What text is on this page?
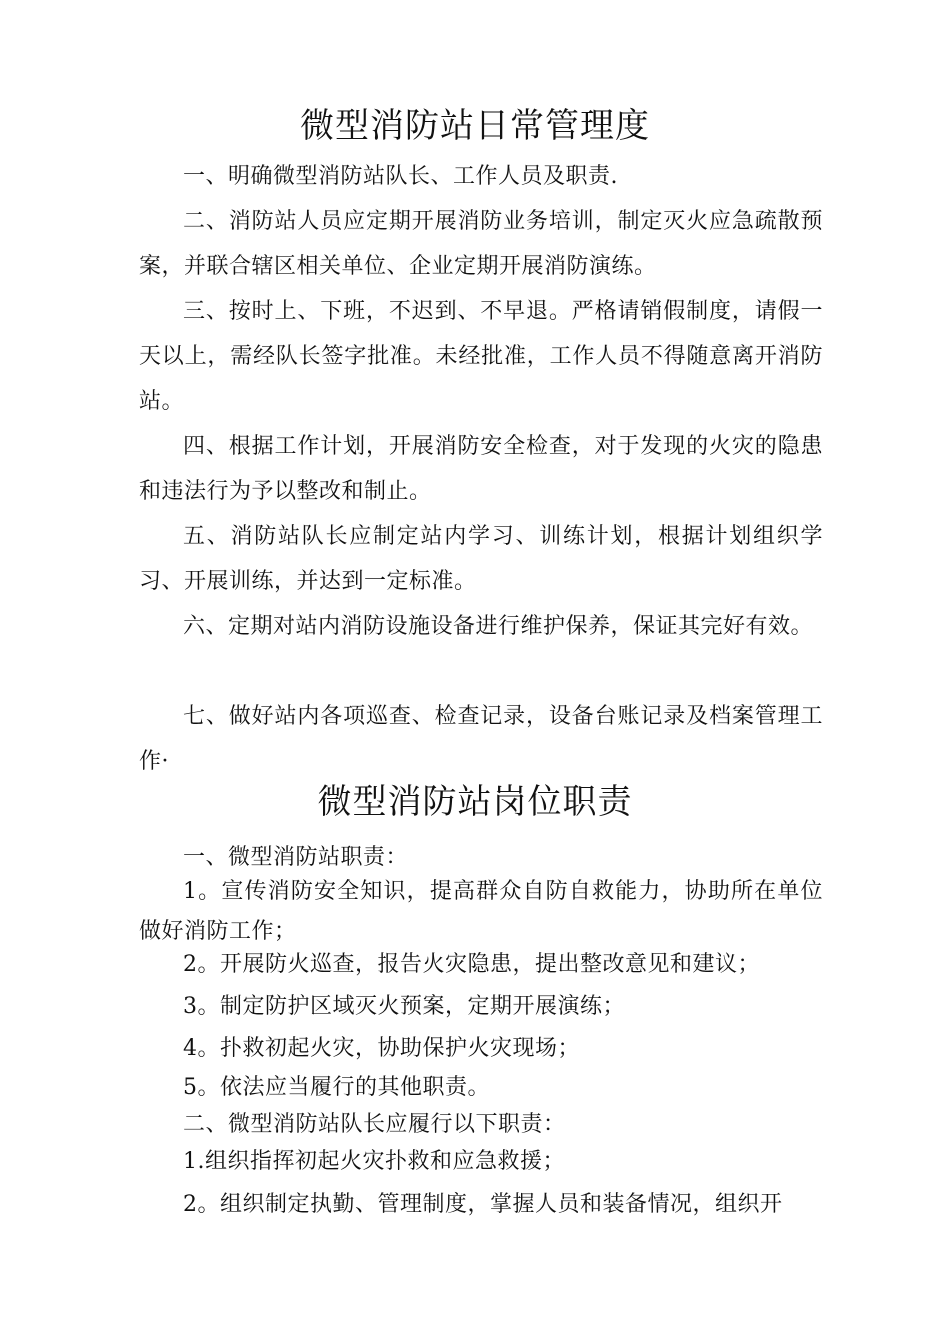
微型消防站日常管理度

一、明确微型消防站队长、工作人员及职责.

二、消防站人员应定期开展消防业务培训，制定灭火应急疏散预案，并联合辖区相关单位、企业定期开展消防演练。

三、按时上、下班，不迟到、不早退。严格请销假制度，请假一天以上，需经队长签字批准。未经批准，工作人员不得随意离开消防站。

四、根据工作计划，开展消防安全检查，对于发现的火灾的隐患和违法行为予以整改和制止。

五、消防站队长应制定站内学习、训练计划，根据计划组织学习、开展训练，并达到一定标准。

六、定期对站内消防设施设备进行维护保养，保证其完好有效。

七、做好站内各项巡查、检查记录，设备台账记录及档案管理工作·

微型消防站岗位职责

一、微型消防站职责：

1。宣传消防安全知识，提高群众自防自救能力，协助所在单位做好消防工作；

2。开展防火巡查，报告火灾隐患，提出整改意见和建议；

3。制定防护区域灭火预案，定期开展演练；

4。扑救初起火灾，协助保护火灾现场；

5。依法应当履行的其他职责。

二、微型消防站队长应履行以下职责：

1.组织指挥初起火灾扑救和应急救援；

2。组织制定执勤、管理制度，掌握人员和装备情况，组织开
